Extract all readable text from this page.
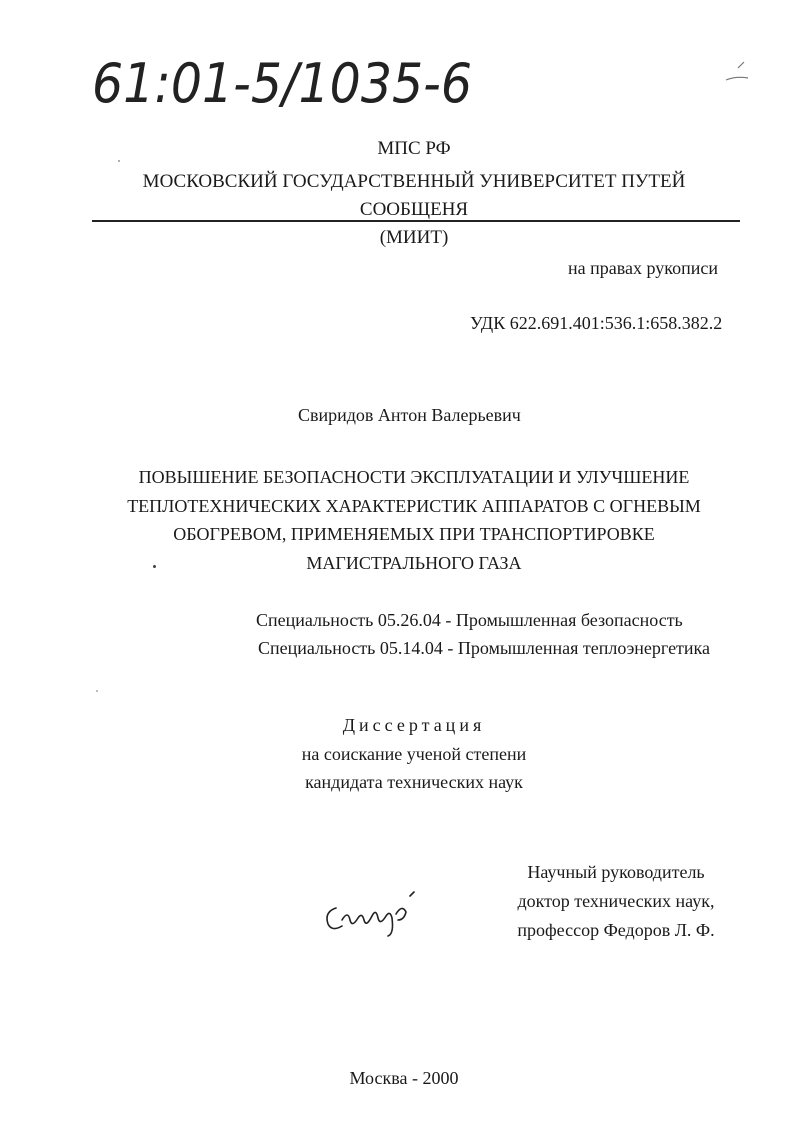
61:01-5/1035-6
МПС РФ
МОСКОВСКИЙ ГОСУДАРСТВЕННЫЙ УНИВЕРСИТЕТ ПУТЕЙ СООБЩЕНЯ
(МИИТ)
на правах рукописи
УДК 622.691.401:536.1:658.382.2
Свиридов Антон Валерьевич
ПОВЫШЕНИЕ БЕЗОПАСНОСТИ ЭКСПЛУАТАЦИИ И УЛУЧШЕНИЕ
ТЕПЛОТЕХНИЧЕСКИХ ХАРАКТЕРИСТИК АППАРАТОВ С ОГНЕВЫМ
ОБОГРЕВОМ, ПРИМЕНЯЕМЫХ ПРИ ТРАНСПОРТИРОВКЕ
МАГИСТРАЛЬНОГО ГАЗА
Специальность 05.26.04 - Промышленная безопасность
Специальность 05.14.04 - Промышленная теплоэнергетика
Диссертация
на соискание ученой степени
кандидата технических наук
Научный руководитель
доктор технических наук,
профессор Федоров Л. Ф.
Москва - 2000
